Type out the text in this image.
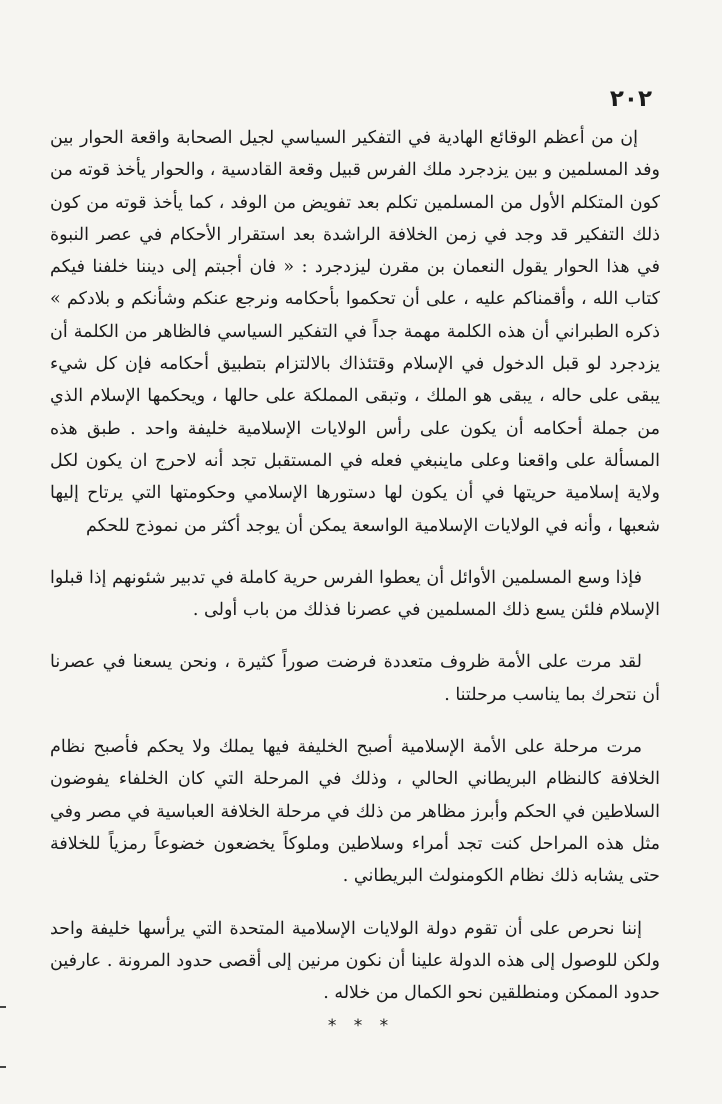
٢٠٢

إن من أعظم الوقائع الهادية في التفكير السياسي لجيل الصحابة واقعة الحوار بين وفد المسلمين و بين يزدجرد ملك الفرس قبيل وقعة القادسية ، والحوار يأخذ قوته من كون المتكلم الأول من المسلمين تكلم بعد تفويض من الوفد ، كما يأخذ قوته من كون ذلك التفكير قد وجد في زمن الخلافة الراشدة بعد استقرار الأحكام في عصر النبوة في هذا الحوار يقول النعمان بن مقرن ليزدجرد : « فان أجبتم إلى ديننا خلفنا فيكم كتاب الله ، وأقمناكم عليه ، على أن تحكموا بأحكامه ونرجع عنكم وشأنكم و بلادكم » ذكره الطبراني أن هذه الكلمة مهمة جداً في التفكير السياسي فالظاهر من الكلمة أن يزدجرد لو قبل الدخول في الإسلام وقتئذاك بالالتزام بتطبيق أحكامه فإن كل شيء يبقى على حاله ، يبقى هو الملك ، وتبقى المملكة على حالها ، ويحكمها الإسلام الذي من جملة أحكامه أن يكون على رأس الولايات الإسلامية خليفة واحد . طبق هذه المسألة على واقعنا وعلى ماينبغي فعله في المستقبل تجد أنه لاحرج ان يكون لكل ولاية إسلامية حريتها في أن يكون لها دستورها الإسلامي وحكومتها التي يرتاح إليها شعبها ، وأنه في الولايات الإسلامية الواسعة يمكن أن يوجد أكثر من نموذج للحكم

فإذا وسع المسلمين الأوائل أن يعطوا الفرس حرية كاملة في تدبير شئونهم إذا قبلوا الإسلام فلئن يسع ذلك المسلمين في عصرنا فذلك من باب أولى .

لقد مرت على الأمة ظروف متعددة فرضت صوراً كثيرة ، ونحن يسعنا في عصرنا أن نتحرك بما يناسب مرحلتنا .

مرت مرحلة على الأمة الإسلامية أصبح الخليفة فيها يملك ولا يحكم فأصبح نظام الخلافة كالنظام البريطاني الحالي ، وذلك في المرحلة التي كان الخلفاء يفوضون السلاطين في الحكم وأبرز مظاهر من ذلك في مرحلة الخلافة العباسية في مصر وفي مثل هذه المراحل كنت تجد أمراء وسلاطين وملوكاً يخضعون خضوعاً رمزياً للخلافة حتى يشابه ذلك نظام الكومنولث البريطاني .

إننا نحرص على أن تقوم دولة الولايات الإسلامية المتحدة التي يرأسها خليفة واحد ولكن للوصول إلى هذه الدولة علينا أن نكون مرنين إلى أقصى حدود المرونة . عارفين حدود الممكن ومنطلقين نحو الكمال من خلاله .

* * *
